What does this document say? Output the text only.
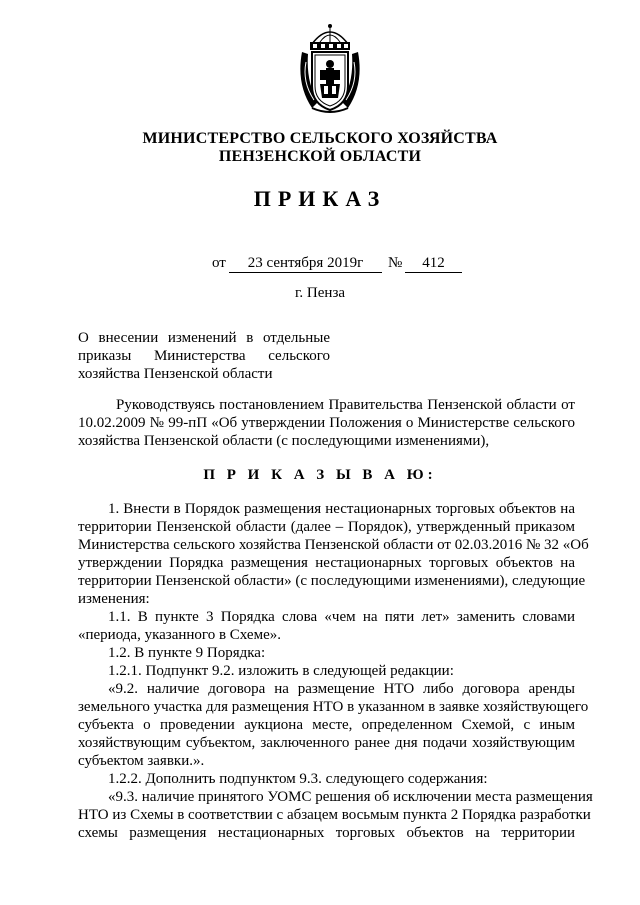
МИНИСТЕРСТВО СЕЛЬСКОГО ХОЗЯЙСТВА
ПЕНЗЕНСКОЙ ОБЛАСТИ
ПРИКАЗ
от	23 сентября 2019г	№	412
г. Пенза
О внесении изменений в отдельные
приказы Министерства сельского
хозяйства Пензенской области
Руководствуясь постановлением Правительства Пензенской области от
10.02.2009 № 99-пП «Об утверждении Положения о Министерстве сельского
хозяйства Пензенской области (с последующими изменениями),
П Р И К А З Ы В А Ю:
1. Внести в Порядок размещения нестационарных торговых объектов на
территории Пензенской области (далее – Порядок), утвержденный приказом
Министерства сельского хозяйства Пензенской области от 02.03.2016 № 32 «Об
утверждении Порядка размещения нестационарных торговых объектов на
территории Пензенской области» (с последующими изменениями), следующие
изменения:
1.1. В пункте 3 Порядка слова «чем на пяти лет» заменить словами
«периода, указанного в Схеме».
1.2. В пункте 9 Порядка:
1.2.1. Подпункт 9.2. изложить в следующей редакции:
«9.2. наличие договора на размещение НТО либо договора аренды
земельного участка для размещения НТО в указанном в заявке хозяйствующего
субъекта о проведении аукциона месте, определенном Схемой, с иным
хозяйствующим субъектом, заключенного ранее дня подачи хозяйствующим
субъектом заявки.».
1.2.2. Дополнить подпунктом 9.3. следующего содержания:
«9.3. наличие принятого УОМС решения об исключении места размещения
НТО из Схемы в соответствии с абзацем восьмым пункта 2 Порядка разработки
схемы размещения нестационарных торговых объектов на территории
